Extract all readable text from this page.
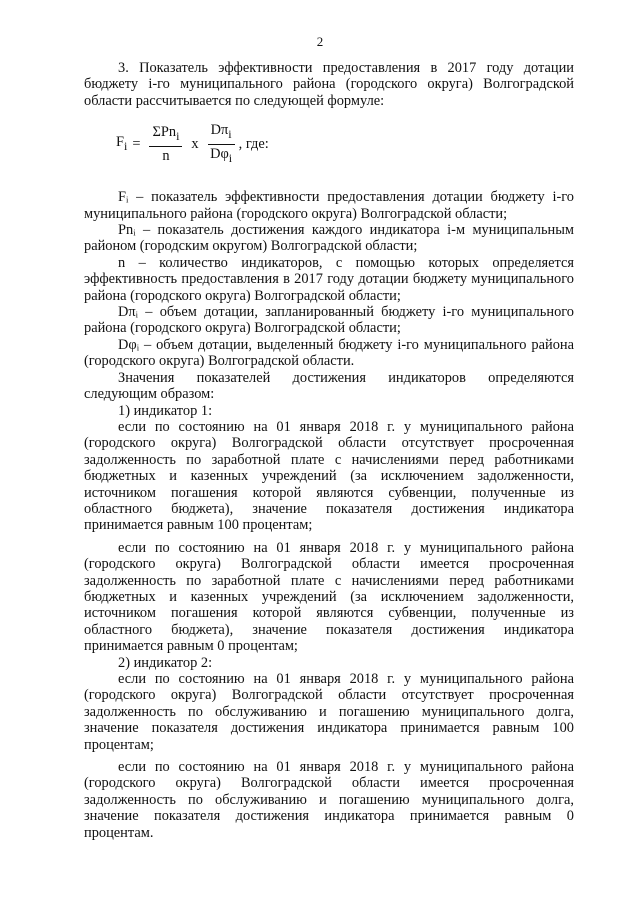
2

3. Показатель эффективности предоставления в 2017 году дотации бюджету i-го муниципального района (городского округа) Волгоградской области рассчитывается по следующей формуле:

$F_i = \frac{\Sigma Pn_i}{n}$ x $\frac{D\pi_i}{D\varphi_i}$ , где:

Fᵢ – показатель эффективности предоставления дотации бюджету i-го муниципального района (городского округа) Волгоградской области;

Pnᵢ – показатель достижения каждого индикатора i-м муниципальным районом (городским округом) Волгоградской области;

n – количество индикаторов, с помощью которых определяется эффективность предоставления в 2017 году дотации бюджету муниципального района (городского округа) Волгоградской области;

Dπᵢ – объем дотации, запланированный бюджету i-го муниципального района (городского округа) Волгоградской области;

Dφᵢ – объем дотации, выделенный бюджету i-го муниципального района (городского округа) Волгоградской области.

Значения показателей достижения индикаторов определяются следующим образом:

1) индикатор 1:

если по состоянию на 01 января 2018 г. у муниципального района (городского округа) Волгоградской области отсутствует просроченная задолженность по заработной плате с начислениями перед работниками бюджетных и казенных учреждений (за исключением задолженности, источником погашения которой являются субвенции, полученные из областного бюджета), значение показателя достижения индикатора принимается равным 100 процентам;

если по состоянию на 01 января 2018 г. у муниципального района (городского округа) Волгоградской области имеется просроченная задолженность по заработной плате с начислениями перед работниками бюджетных и казенных учреждений (за исключением задолженности, источником погашения которой являются субвенции, полученные из областного бюджета), значение показателя достижения индикатора принимается равным 0 процентам;

2) индикатор 2:

если по состоянию на 01 января 2018 г. у муниципального района (городского округа) Волгоградской области отсутствует просроченная задолженность по обслуживанию и погашению муниципального долга, значение показателя достижения индикатора принимается равным 100 процентам;

если по состоянию на 01 января 2018 г. у муниципального района (городского округа) Волгоградской области имеется просроченная задолженность по обслуживанию и погашению муниципального долга, значение показателя достижения индикатора принимается равным 0 процентам.
